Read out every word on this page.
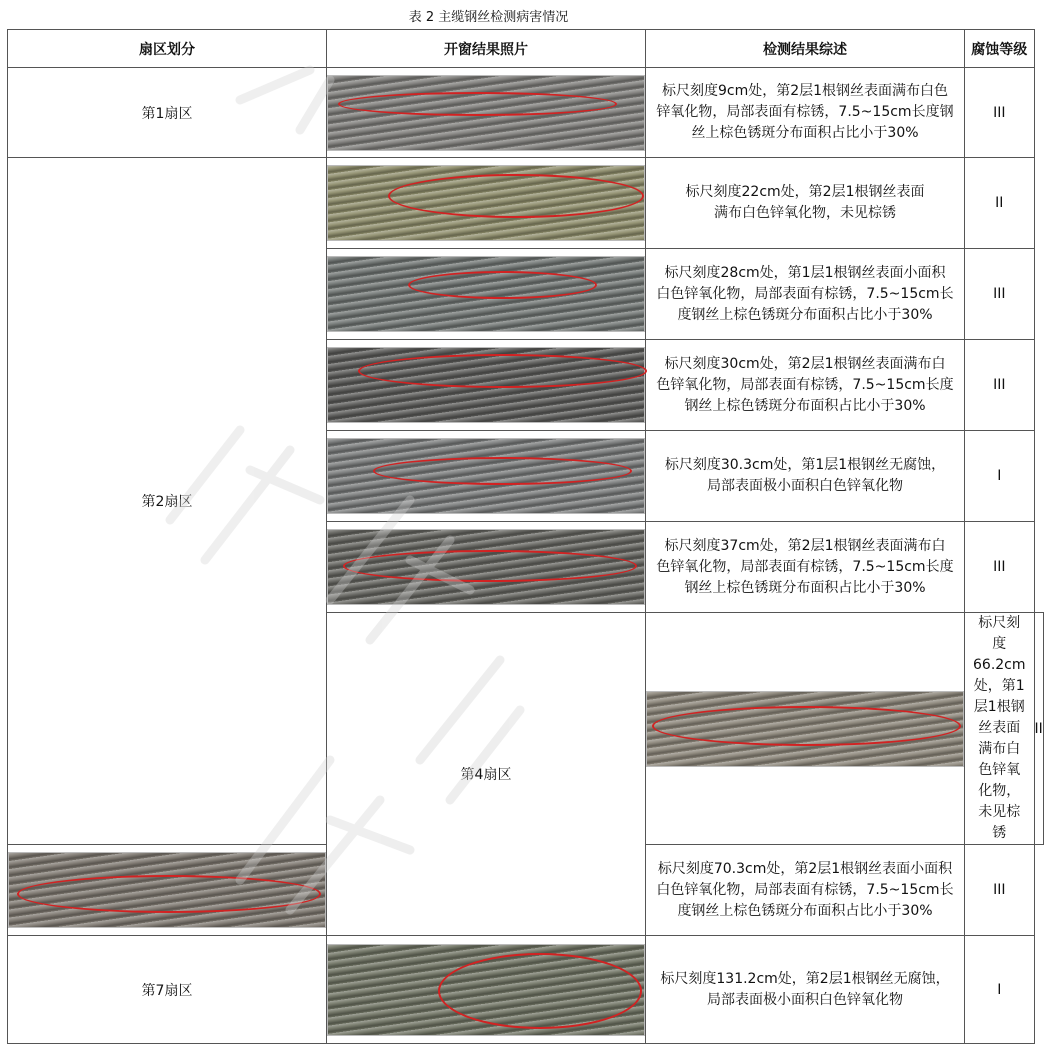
表 2 主缆钢丝检测病害情况
扇区划分	开窗结果照片	检测结果综述	腐蚀等级	
第1扇区		标尺刻度9cm处，第2层1根钢丝表面满布白色
锌氧化物，局部表面有棕锈，7.5~15cm长度钢
丝上棕色锈斑分布面积占比小于30%	III	
第2扇区		标尺刻度22cm处，第2层1根钢丝表面
满布白色锌氧化物，未见棕锈	II	

		标尺刻度28cm处，第1层1根钢丝表面小面积
白色锌氧化物，局部表面有棕锈，7.5~15cm长
度钢丝上棕色锈斑分布面积占比小于30%	III	

		标尺刻度30cm处，第2层1根钢丝表面满布白
色锌氧化物，局部表面有棕锈，7.5~15cm长度
钢丝上棕色锈斑分布面积占比小于30%	III	

		标尺刻度30.3cm处，第1层1根钢丝无腐蚀，
局部表面极小面积白色锌氧化物	I	

		标尺刻度37cm处，第2层1根钢丝表面满布白
色锌氧化物，局部表面有棕锈，7.5~15cm长度
钢丝上棕色锈斑分布面积占比小于30%	III	
	第4扇区		标尺刻度66.2cm处，第1层1根钢丝表面
满布白色锌氧化物，未见棕锈	II

		标尺刻度70.3cm处，第2层1根钢丝表面小面积
白色锌氧化物，局部表面有棕锈，7.5~15cm长
度钢丝上棕色锈斑分布面积占比小于30%	III	
第7扇区		标尺刻度131.2cm处，第2层1根钢丝无腐蚀，
局部表面极小面积白色锌氧化物	I	
